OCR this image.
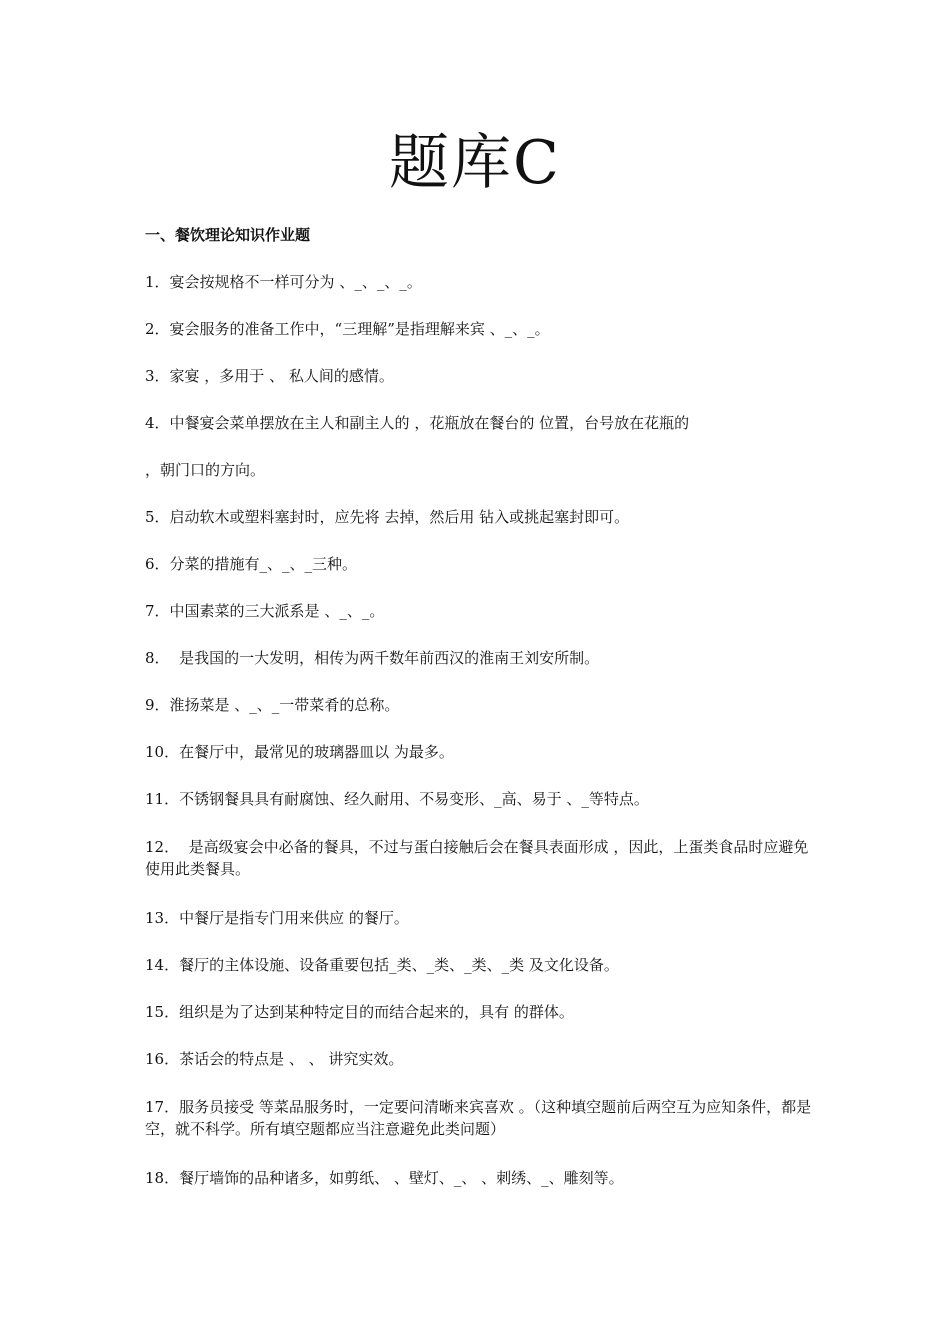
题库C
一、餐饮理论知识作业题
1．宴会按规格不一样可分为 、_、_、_。
2．宴会服务的准备工作中，“三理解”是指理解来宾 、_、_。
3．家宴 ，多用于 、 私人间的感情。
4．中餐宴会菜单摆放在主人和副主人的 ，花瓶放在餐台的 位置，台号放在花瓶的
，朝门口的方向。
5．启动软木或塑料塞封时，应先将 去掉，然后用 钻入或挑起塞封即可。
6．分菜的措施有_、_、_三种。
7．中国素菜的三大派系是 、_、_。
8．  是我国的一大发明，相传为两千数年前西汉的淮南王刘安所制。
9．淮扬菜是 、_、_一带菜肴的总称。
10．在餐厅中，最常见的玻璃器皿以 为最多。
11．不锈钢餐具具有耐腐蚀、经久耐用、不易变形、_高、易于 、_等特点。
12．  是高级宴会中必备的餐具，不过与蛋白接触后会在餐具表面形成 ，因此，上蛋类食品时应避免使用此类餐具。
13．中餐厅是指专门用来供应 的餐厅。
14．餐厅的主体设施、设备重要包括_类、_类、_类、_类 及文化设备。
15．组织是为了达到某种特定目的而结合起来的，具有 的群体。
16．茶话会的特点是 、 、 讲究实效。
17．服务员接受 等菜品服务时，一定要问清晰来宾喜欢 。（这种填空题前后两空互为应知条件，都是空，就不科学。所有填空题都应当注意避免此类问题）
18．餐厅墙饰的品种诸多，如剪纸、 、壁灯、_、 、刺绣、_、雕刻等。
